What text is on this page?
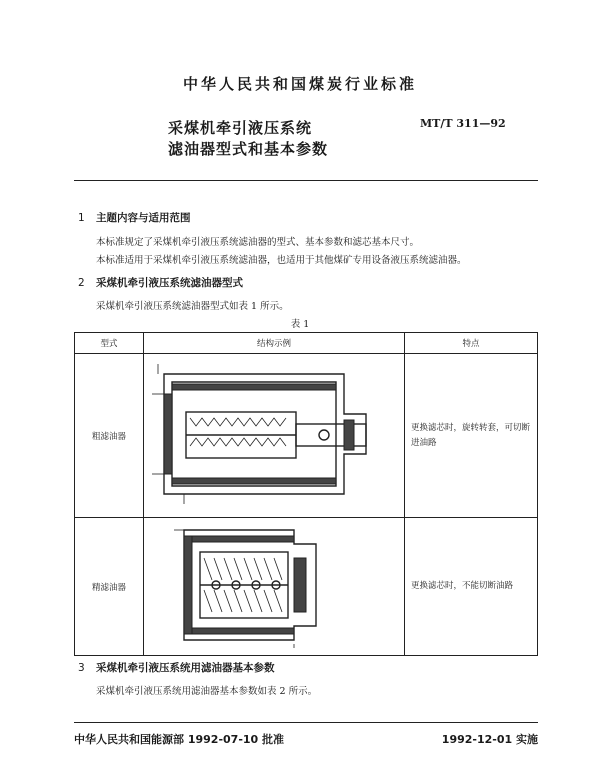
中华人民共和国煤炭行业标准
采煤机牵引液压系统
滤油器型式和基本参数
MT/T 311—92
1 主题内容与适用范围
本标准规定了采煤机牵引液压系统滤油器的型式、基本参数和滤芯基本尺寸。
本标准适用于采煤机牵引液压系统滤油器，也适用于其他煤矿专用设备液压系统滤油器。
2 采煤机牵引液压系统滤油器型式
采煤机牵引液压系统滤油器型式如表 1 所示。
表 1
型式	结构示例	特点
粗滤油器		更换滤芯时，旋转转套，可切断
进油路

精滤油器		更换滤芯时，不能切断油路
3 采煤机牵引液压系统用滤油器基本参数
采煤机牵引液压系统用滤油器基本参数如表 2 所示。
中华人民共和国能源部 1992-07-10 批准	1992-12-01 实施
